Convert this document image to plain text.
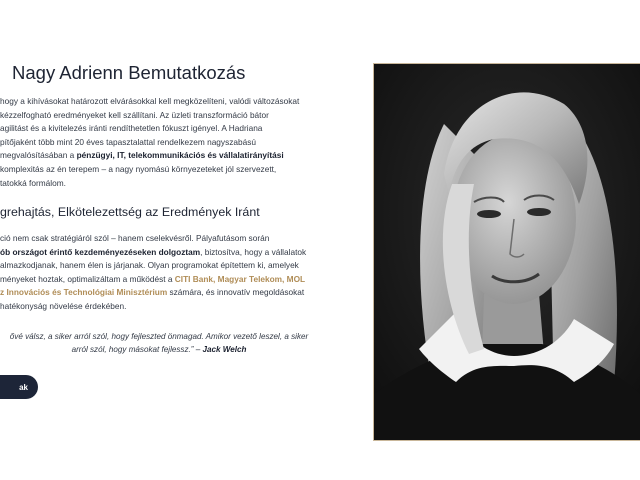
Nagy Adrienn Bemutatkozás
hogy a kihívásokat határozott elvárásokkal kell megközelíteni, valódi változásokat
kézzelfogható eredményeket kell szállítani. Az üzleti transzformáció bátor
agilitást és a kivitelezés iránti rendíthetetlen fókuszt igényel. A Hadriana
pítőjaként több mint 20 éves tapasztalattal rendelkezem nagyszabású
megvalósításában a pénzügyi, IT, telekommunikációs és vállalatirányítási
komplexitás az én terepem – a nagy nyomású környezeteket jól szervezett,
tatokká formálom.
grehajtás, Elkötelezettség az Eredmények Iránt
ció nem csak stratégiáról szól – hanem cselekvésről. Pályafutásom során
ób országot érintő kezdeményezéseken dolgoztam, biztosítva, hogy a vállalatok
almazkodjanak, hanem élen is járjanak. Olyan programokat építettem ki, amelyek
ményeket hoztak, optimalizáltam a működést a CITI Bank, Magyar Telekom, MOL
z Innovációs és Technológiai Minisztérium számára, és innovatív megoldásokat
hatékonyság növelése érdekében.
ővé válsz, a siker arról szól, hogy fejleszted önmagad. Amikor vezető leszel, a siker
arról szól, hogy másokat fejlessz.” – Jack Welch
ak
